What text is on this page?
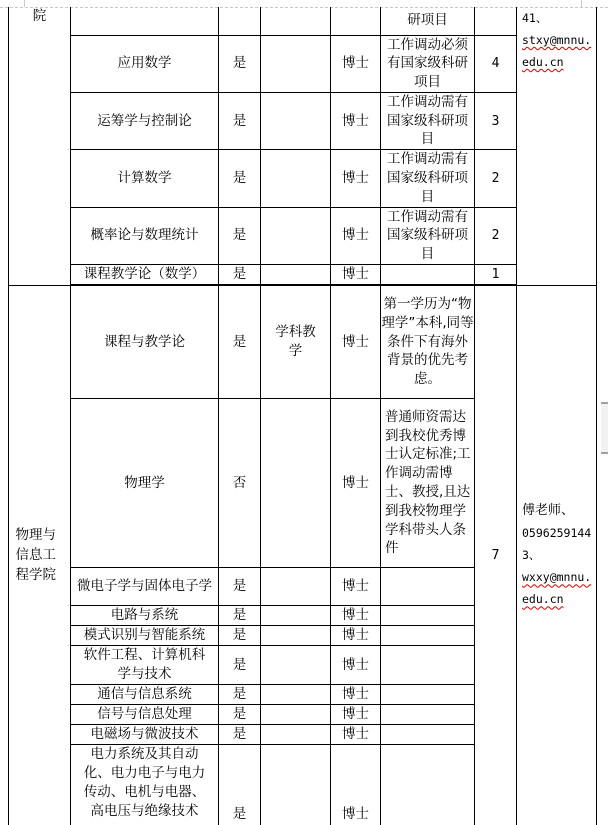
院					研项目		41、
stxy@mnnu.
edu.cn

	应用数学	是		博士	工作调动必须有国家级科研项目	4	
	运筹学与控制论	是		博士	工作调动需有国家级科研项目	3	
	计算数学	是		博士	工作调动需有国家级科研项目	2	
	概率论与数理统计	是		博士	工作调动需有国家级科研项目	2	
	课程教学论（数学）	是		博士		1	

物理与信息工程学院	课程与教学论	是	学科教学	博士	第一学历为“物理学”本科,同等条件下有海外背景的优先考虑。	7	傅老师、
0596259144
3、
wxxy@mnnu.
edu.cn

	物理学	否		博士	普通师资需达到我校优秀博士认定标准;工作调动需博士、教授,且达到我校物理学学科带头人条件		
	微电子学与固体电子学	是		博士			
	电路与系统	是		博士			
	模式识别与智能系统	是		博士			
	软件工程、计算机科学与技术	是		博士			
	通信与信息系统	是		博士			
	信号与信息处理	是		博士			
	电磁场与微波技术	是		博士			
	电力系统及其自动化、电力电子与电力传动、电机与电器、高电压与绝缘技术	是		博士			
